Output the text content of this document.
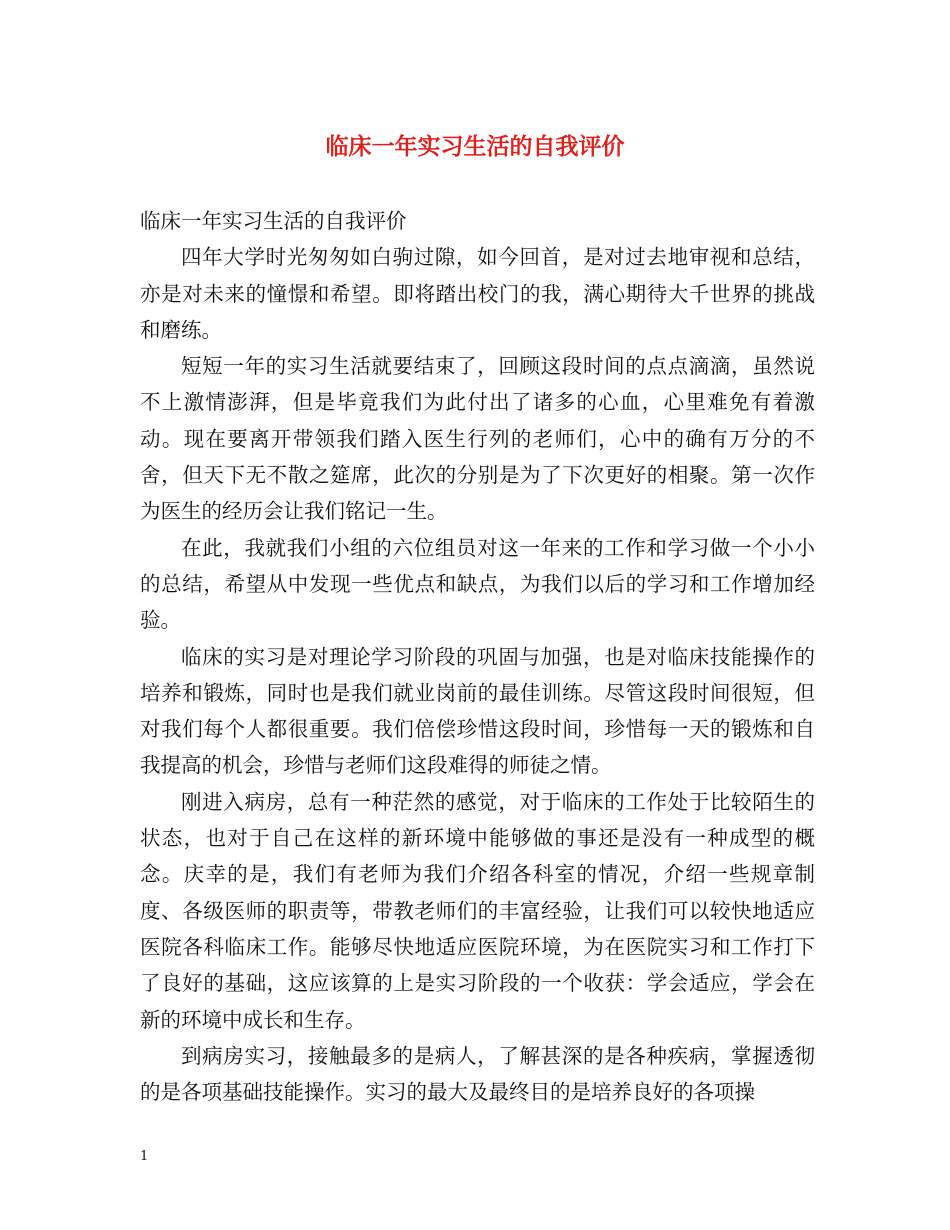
临床一年实习生活的自我评价

临床一年实习生活的自我评价

四年大学时光匆匆如白驹过隙，如今回首，是对过去地审视和总结，亦是对未来的憧憬和希望。即将踏出校门的我，满心期待大千世界的挑战和磨练。

短短一年的实习生活就要结束了，回顾这段时间的点点滴滴，虽然说不上激情澎湃，但是毕竟我们为此付出了诸多的心血，心里难免有着激动。现在要离开带领我们踏入医生行列的老师们，心中的确有万分的不舍，但天下无不散之筵席，此次的分别是为了下次更好的相聚。第一次作为医生的经历会让我们铭记一生。

在此，我就我们小组的六位组员对这一年来的工作和学习做一个小小的总结，希望从中发现一些优点和缺点，为我们以后的学习和工作增加经验。

临床的实习是对理论学习阶段的巩固与加强，也是对临床技能操作的培养和锻炼，同时也是我们就业岗前的最佳训练。尽管这段时间很短，但对我们每个人都很重要。我们倍偿珍惜这段时间，珍惜每一天的锻炼和自我提高的机会，珍惜与老师们这段难得的师徒之情。

刚进入病房，总有一种茫然的感觉，对于临床的工作处于比较陌生的状态，也对于自己在这样的新环境中能够做的事还是没有一种成型的概念。庆幸的是，我们有老师为我们介绍各科室的情况，介绍一些规章制度、各级医师的职责等，带教老师们的丰富经验，让我们可以较快地适应医院各科临床工作。能够尽快地适应医院环境，为在医院实习和工作打下了良好的基础，这应该算的上是实习阶段的一个收获：学会适应，学会在新的环境中成长和生存。

到病房实习，接触最多的是病人，了解甚深的是各种疾病，掌握透彻的是各项基础技能操作。实习的最大及最终目的是培养良好的各项操

1
